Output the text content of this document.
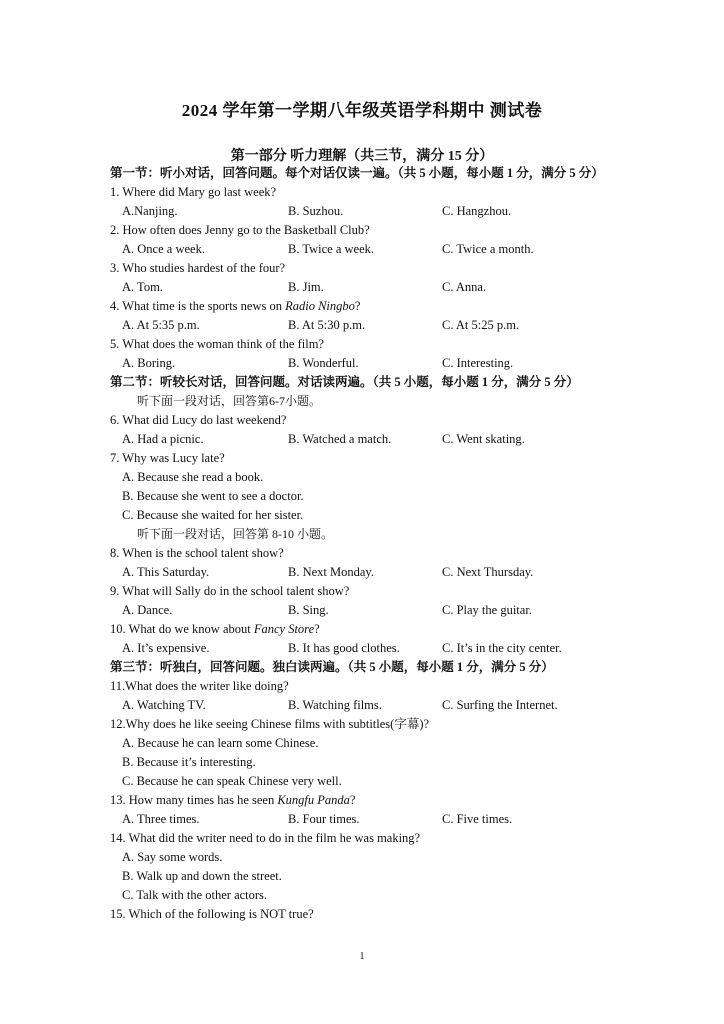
2024 学年第一学期八年级英语学科期中 测试卷
第一部分 听力理解（共三节，满分 15 分）
第一节：听小对话，回答问题。每个对话仅读一遍。（共 5 小题，每小题 1 分，满分 5 分）
1. Where did Mary go last week?
A.Nanjing.	B. Suzhou.	C. Hangzhou.
2. How often does Jenny go to the Basketball Club?
A. Once a week.	B. Twice a week.	C. Twice a month.
3. Who studies hardest of the four?
A. Tom.	B. Jim.	C. Anna.
4. What time is the sports news on Radio Ningbo?
A. At 5:35 p.m.	B. At 5:30 p.m.	C. At 5:25 p.m.
5. What does the woman think of the film?
A. Boring.	B. Wonderful.	C. Interesting.
第二节：听较长对话，回答问题。对话读两遍。（共 5 小题，每小题 1 分，满分 5 分）
听下面一段对话，回答第6-7小题。
6. What did Lucy do last weekend?
A. Had a picnic.	B. Watched a match.	C. Went skating.
7. Why was Lucy late?
A. Because she read a book.
B. Because she went to see a doctor.
C. Because she waited for her sister.
听下面一段对话，回答第 8-10 小题。
8. When is the school talent show?
A. This Saturday.	B. Next Monday.	C. Next Thursday.
9. What will Sally do in the school talent show?
A. Dance.	B. Sing.	C. Play the guitar.
10. What do we know about Fancy Store?
A. It’s expensive.	B. It has good clothes.	C. It’s in the city center.
第三节：听独白，回答问题。独白读两遍。（共 5 小题，每小题 1 分，满分 5 分）
11.What does the writer like doing?
A. Watching TV.	B. Watching films.	C. Surfing the Internet.
12.Why does he like seeing Chinese films with subtitles(字幕)?
A. Because he can learn some Chinese.
B. Because it’s interesting.
C. Because he can speak Chinese very well.
13. How many times has he seen Kungfu Panda?
A. Three times.	B. Four times.	C. Five times.
14. What did the writer need to do in the film he was making?
A. Say some words.
B. Walk up and down the street.
C. Talk with the other actors.
15. Which of the following is NOT true?
1
